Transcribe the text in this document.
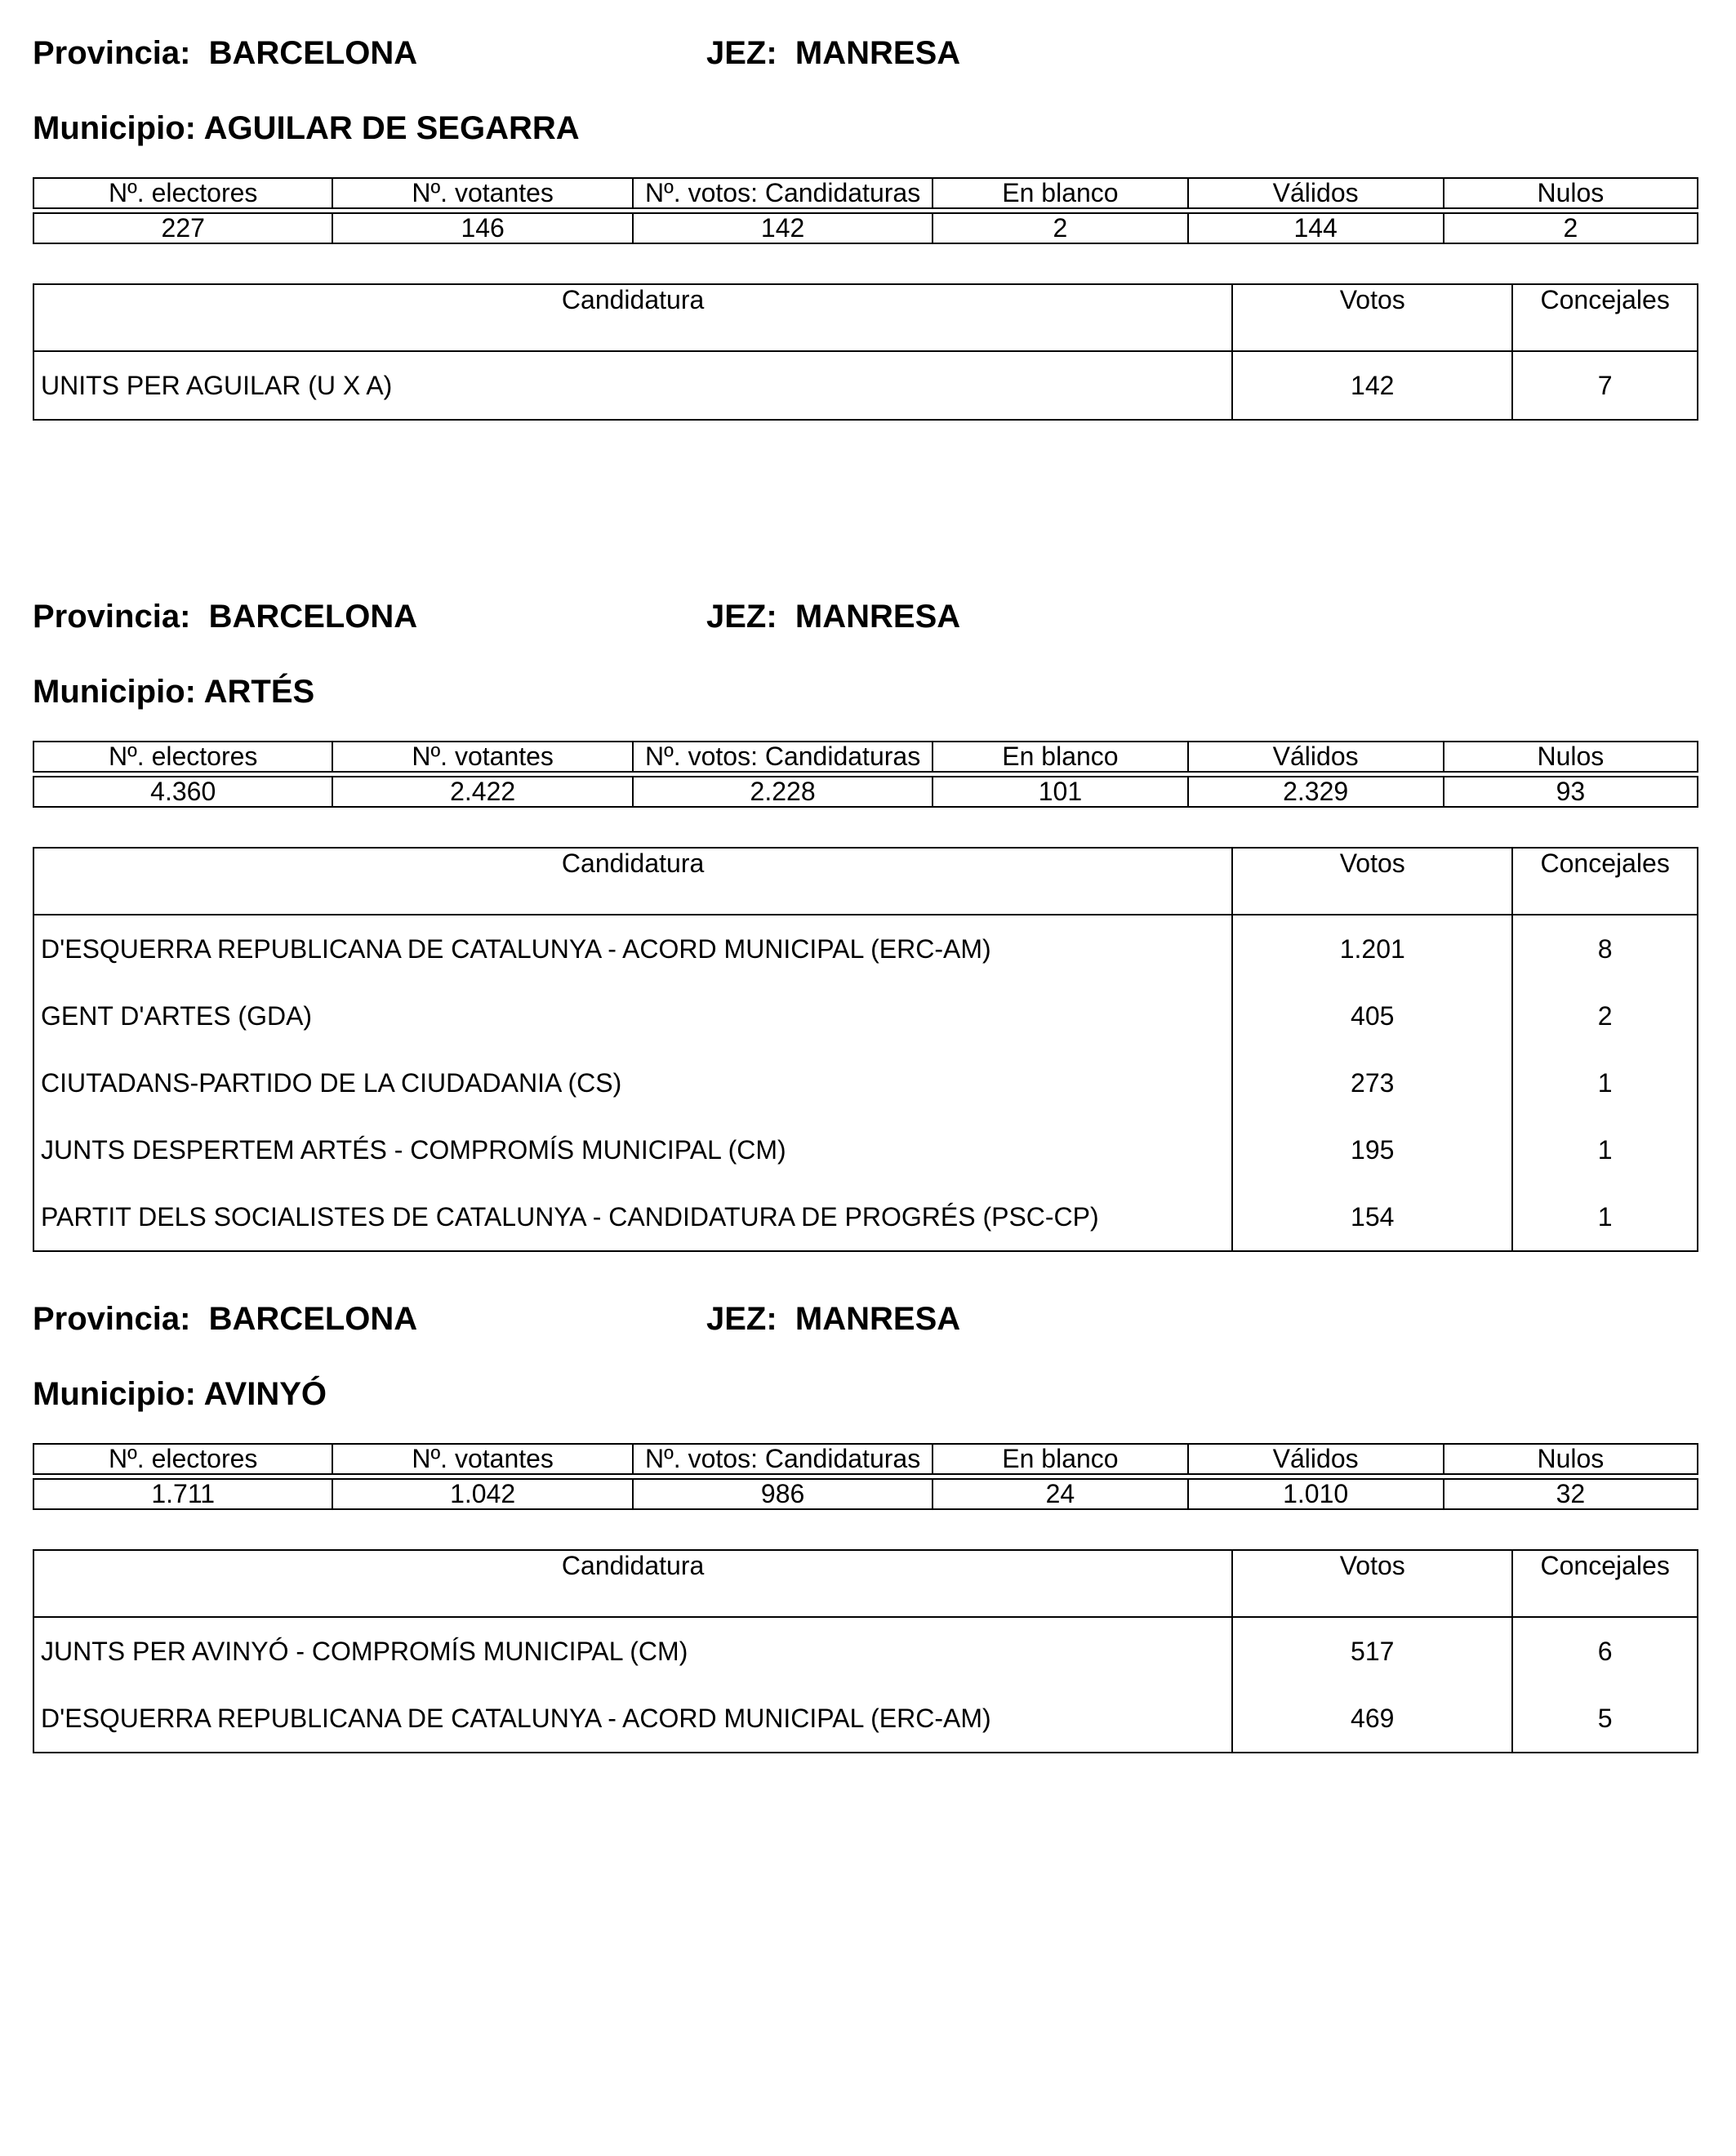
Provincia: BARCELONA	JEZ: MANRESA
Municipio: AGUILAR DE SEGARRA
Nº. electores	Nº. votantes	Nº. votos: Candidaturas	En blanco	Válidos	Nulos

227	146	142	2	144	2
Candidatura	Votos	Concejales
UNITS PER AGUILAR (U X A)	142	7
Provincia: BARCELONA	JEZ: MANRESA
Municipio: ARTÉS
Nº. electores	Nº. votantes	Nº. votos: Candidaturas	En blanco	Válidos	Nulos

4.360	2.422	2.228	101	2.329	93
Candidatura	Votos	Concejales
D'ESQUERRA REPUBLICANA DE CATALUNYA - ACORD MUNICIPAL (ERC-AM)	1.201	8
GENT D'ARTES (GDA)	405	2
CIUTADANS-PARTIDO DE LA CIUDADANIA (CS)	273	1
JUNTS DESPERTEM ARTÉS - COMPROMÍS MUNICIPAL (CM)	195	1
PARTIT DELS SOCIALISTES DE CATALUNYA - CANDIDATURA DE PROGRÉS (PSC-CP)	154	1
Provincia: BARCELONA	JEZ: MANRESA
Municipio: AVINYÓ
Nº. electores	Nº. votantes	Nº. votos: Candidaturas	En blanco	Válidos	Nulos

1.711	1.042	986	24	1.010	32
Candidatura	Votos	Concejales
JUNTS PER AVINYÓ - COMPROMÍS MUNICIPAL (CM)	517	6
D'ESQUERRA REPUBLICANA DE CATALUNYA - ACORD MUNICIPAL (ERC-AM)	469	5
